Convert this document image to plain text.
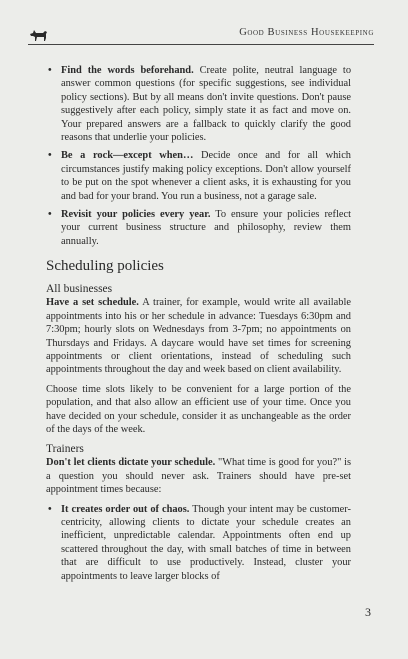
Good Business Housekeeping
• Find the words beforehand. Create polite, neutral language to answer common questions (for specific suggestions, see individual policy sections). But by all means don't invite questions. Don't pause suggestively after each policy, simply state it as fact and move on. Your prepared answers are a fallback to quickly clarify the good reasons that underlie your policies.
• Be a rock—except when… Decide once and for all which circumstances justify making policy exceptions. Don't allow yourself to be put on the spot whenever a client asks, it is exhausting for you and bad for your brand. You run a business, not a garage sale.
• Revisit your policies every year. To ensure your policies reflect your current business structure and philosophy, review them annually.
Scheduling policies
All businesses

Have a set schedule. A trainer, for example, would write all available appointments into his or her schedule in advance: Tuesdays 6:30pm and 7:30pm; hourly slots on Wednesdays from 3-7pm; no appointments on Thursdays and Fridays. A daycare would have set times for screening appointments or client orientations, instead of scheduling such appointments throughout the day and week based on client availability.

Choose time slots likely to be convenient for a large portion of the population, and that also allow an efficient use of your time. Once you have decided on your schedule, consider it as unchangeable as the order of the days of the week.

Trainers

Don't let clients dictate your schedule. "What time is good for you?" is a question you should never ask. Trainers should have pre-set appointment times because:

• It creates order out of chaos. Though your intent may be customer-centricity, allowing clients to dictate your schedule creates an inefficient, unpredictable calendar. Appointments often end up scattered throughout the day, with small batches of time in between that are difficult to use productively. Instead, cluster your appointments to leave larger blocks of
3
